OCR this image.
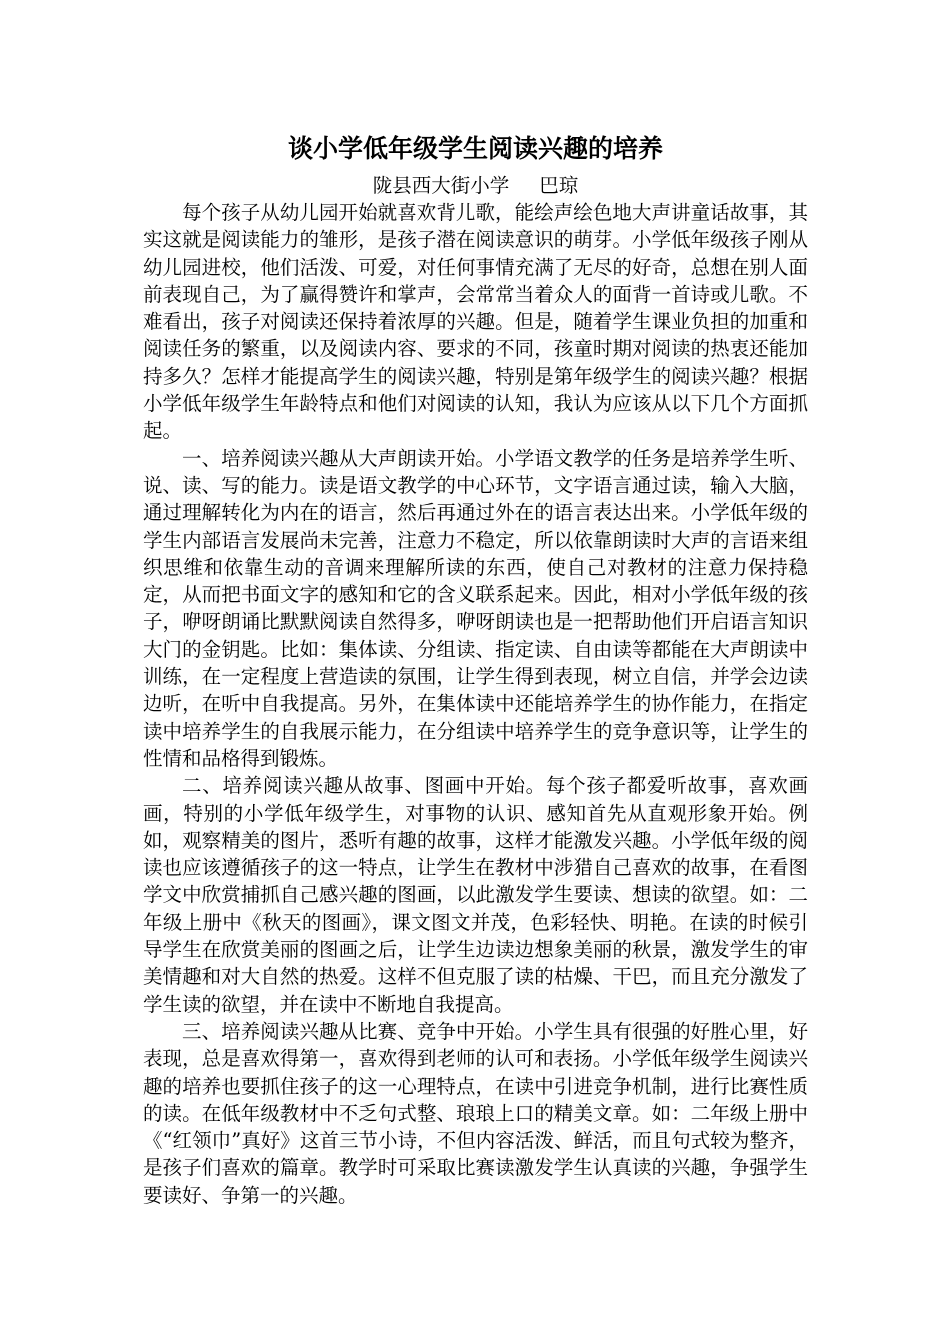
谈小学低年级学生阅读兴趣的培养

陇县西大街小学 巴琼

每个孩子从幼儿园开始就喜欢背儿歌，能绘声绘色地大声讲童话故事，其实这就是阅读能力的雏形，是孩子潜在阅读意识的萌芽。小学低年级孩子刚从幼儿园进校，他们活泼、可爱，对任何事情充满了无尽的好奇，总想在别人面前表现自己，为了赢得赞许和掌声，会常常当着众人的面背一首诗或儿歌。不难看出，孩子对阅读还保持着浓厚的兴趣。但是，随着学生课业负担的加重和阅读任务的繁重，以及阅读内容、要求的不同，孩童时期对阅读的热衷还能加持多久？怎样才能提高学生的阅读兴趣，特别是第年级学生的阅读兴趣？根据小学低年级学生年龄特点和他们对阅读的认知，我认为应该从以下几个方面抓起。

一、培养阅读兴趣从大声朗读开始。小学语文教学的任务是培养学生听、说、读、写的能力。读是语文教学的中心环节，文字语言通过读，输入大脑，通过理解转化为内在的语言，然后再通过外在的语言表达出来。小学低年级的学生内部语言发展尚未完善，注意力不稳定，所以依靠朗读时大声的言语来组织思维和依靠生动的音调来理解所读的东西，使自己对教材的注意力保持稳定，从而把书面文字的感知和它的含义联系起来。因此，相对小学低年级的孩子，咿呀朗诵比默默阅读自然得多，咿呀朗读也是一把帮助他们开启语言知识大门的金钥匙。比如：集体读、分组读、指定读、自由读等都能在大声朗读中训练，在一定程度上营造读的氛围，让学生得到表现，树立自信，并学会边读边听，在听中自我提高。另外，在集体读中还能培养学生的协作能力，在指定读中培养学生的自我展示能力，在分组读中培养学生的竞争意识等，让学生的性情和品格得到锻炼。

二、培养阅读兴趣从故事、图画中开始。每个孩子都爱听故事，喜欢画画，特别的小学低年级学生，对事物的认识、感知首先从直观形象开始。例如，观察精美的图片，悉听有趣的故事，这样才能激发兴趣。小学低年级的阅读也应该遵循孩子的这一特点，让学生在教材中涉猎自己喜欢的故事，在看图学文中欣赏捕抓自己感兴趣的图画，以此激发学生要读、想读的欲望。如：二年级上册中《秋天的图画》，课文图文并茂，色彩轻快、明艳。在读的时候引导学生在欣赏美丽的图画之后，让学生边读边想象美丽的秋景，激发学生的审美情趣和对大自然的热爱。这样不但克服了读的枯燥、干巴，而且充分激发了学生读的欲望，并在读中不断地自我提高。

三、培养阅读兴趣从比赛、竞争中开始。小学生具有很强的好胜心里，好表现，总是喜欢得第一，喜欢得到老师的认可和表扬。小学低年级学生阅读兴趣的培养也要抓住孩子的这一心理特点，在读中引进竞争机制，进行比赛性质的读。在低年级教材中不乏句式整、琅琅上口的精美文章。如：二年级上册中《“红领巾”真好》这首三节小诗，不但内容活泼、鲜活，而且句式较为整齐，是孩子们喜欢的篇章。教学时可采取比赛读激发学生认真读的兴趣，争强学生要读好、争第一的兴趣。
